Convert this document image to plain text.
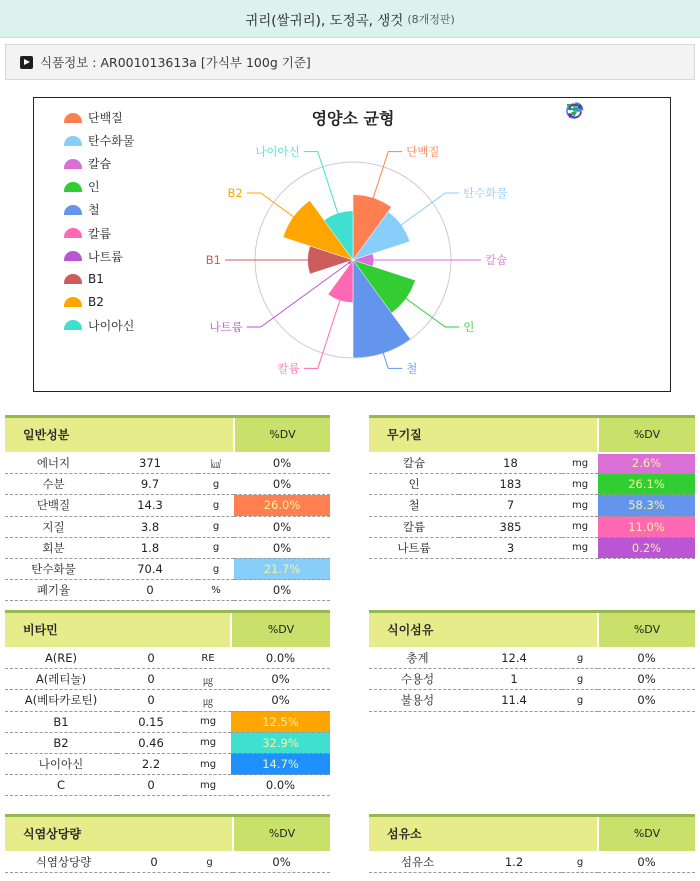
귀리(쌀귀리), 도정곡, 생것 (8개정판)
식품정보 : AR001013613a [가식부 100g 기준]
단백질
탄수화물
칼슘
인
철
칼륨
나트륨
B1
B2
나이아신
단백질
탄수화물
칼슘
인
철
칼륨
나트륨
B1
B2
나이아신
영양소 균형
일반성분			%DV
에너지	371	㎉	0%
수분	9.7	g	0%
단백질	14.3	g	26.0%
지질	3.8	g	0%
회분	1.8	g	0%
탄수화물	70.4	g	21.7%
폐기율	0	%	0%
무기질			%DV
칼슘	18	mg	2.6%
인	183	mg	26.1%
철	7	mg	58.3%
칼륨	385	mg	11.0%
나트륨	3	mg	0.2%
비타민			%DV
A(RE)	0	RE	0.0%
A(레티놀)	0	㎍	0%
A(베타카로틴)	0	㎍	0%
B1	0.15	mg	12.5%
B2	0.46	mg	32.9%
나이아신	2.2	mg	14.7%
C	0	mg	0.0%
식이섬유			%DV
총계	12.4	g	0%
수용성	1	g	0%
불용성	11.4	g	0%
식염상당량			%DV
식염상당량	0	g	0%
섬유소			%DV
섬유소	1.2	g	0%
